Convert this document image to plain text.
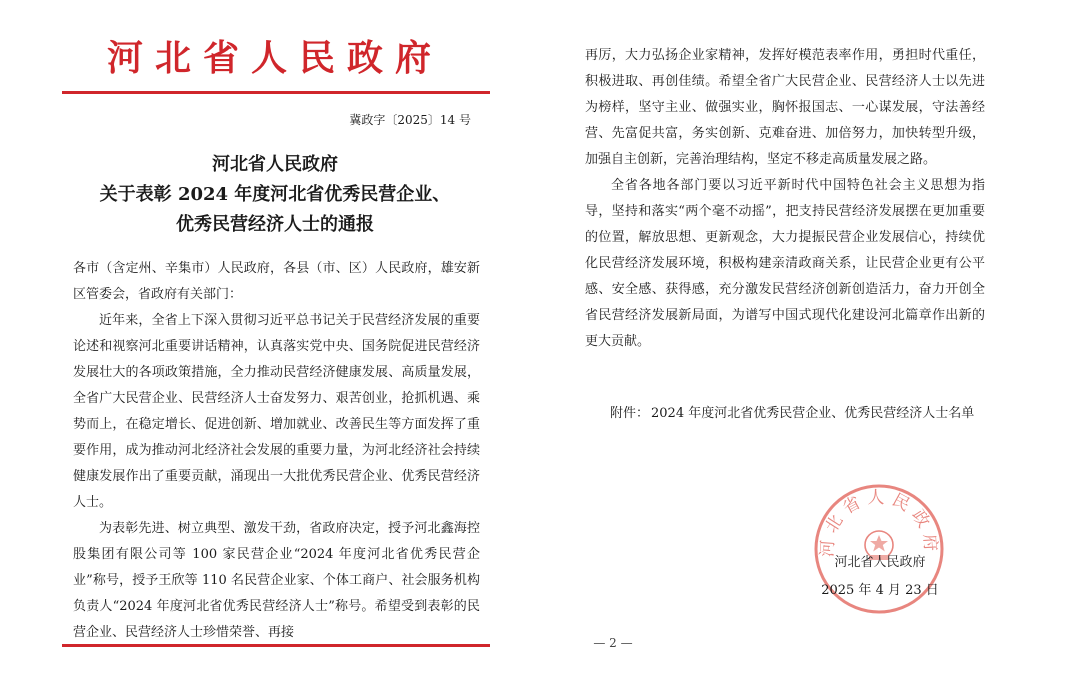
河北省人民政府
冀政字〔2025〕14 号
河北省人民政府
关于表彰 2024 年度河北省优秀民营企业、
优秀民营经济人士的通报

各市（含定州、辛集市）人民政府，各县（市、区）人民政府，雄安新区管委会，省政府有关部门：

近年来，全省上下深入贯彻习近平总书记关于民营经济发展的重要论述和视察河北重要讲话精神，认真落实党中央、国务院促进民营经济发展壮大的各项政策措施，全力推动民营经济健康发展、高质量发展，全省广大民营企业、民营经济人士奋发努力、艰苦创业，抢抓机遇、乘势而上，在稳定增长、促进创新、增加就业、改善民生等方面发挥了重要作用，成为推动河北经济社会发展的重要力量，为河北经济社会持续健康发展作出了重要贡献，涌现出一大批优秀民营企业、优秀民营经济人士。

为表彰先进、树立典型、激发干劲，省政府决定，授予河北鑫海控股集团有限公司等 100 家民营企业“2024 年度河北省优秀民营企业”称号，授予王欣等 110 名民营企业家、个体工商户、社会服务机构负责人“2024 年度河北省优秀民营经济人士”称号。希望受到表彰的民营企业、民营经济人士珍惜荣誉、再接

再厉，大力弘扬企业家精神，发挥好模范表率作用，勇担时代重任，积极进取、再创佳绩。希望全省广大民营企业、民营经济人士以先进为榜样，坚守主业、做强实业，胸怀报国志、一心谋发展，守法善经营、先富促共富，务实创新、克难奋进、加倍努力，加快转型升级，加强自主创新，完善治理结构，坚定不移走高质量发展之路。

全省各地各部门要以习近平新时代中国特色社会主义思想为指导，坚持和落实“两个毫不动摇”，把支持民营经济发展摆在更加重要的位置，解放思想、更新观念，大力提振民营企业发展信心，持续优化民营经济发展环境，积极构建亲清政商关系，让民营企业更有公平感、安全感、获得感，充分激发民营经济创新创造活力，奋力开创全省民营经济发展新局面，为谱写中国式现代化建设河北篇章作出新的更大贡献。

附件： 2024 年度河北省优秀民营企业、优秀民营经济人士名单
河北省人民政府
河北省人民政府
2025 年 4 月 23 日
— 2 —
